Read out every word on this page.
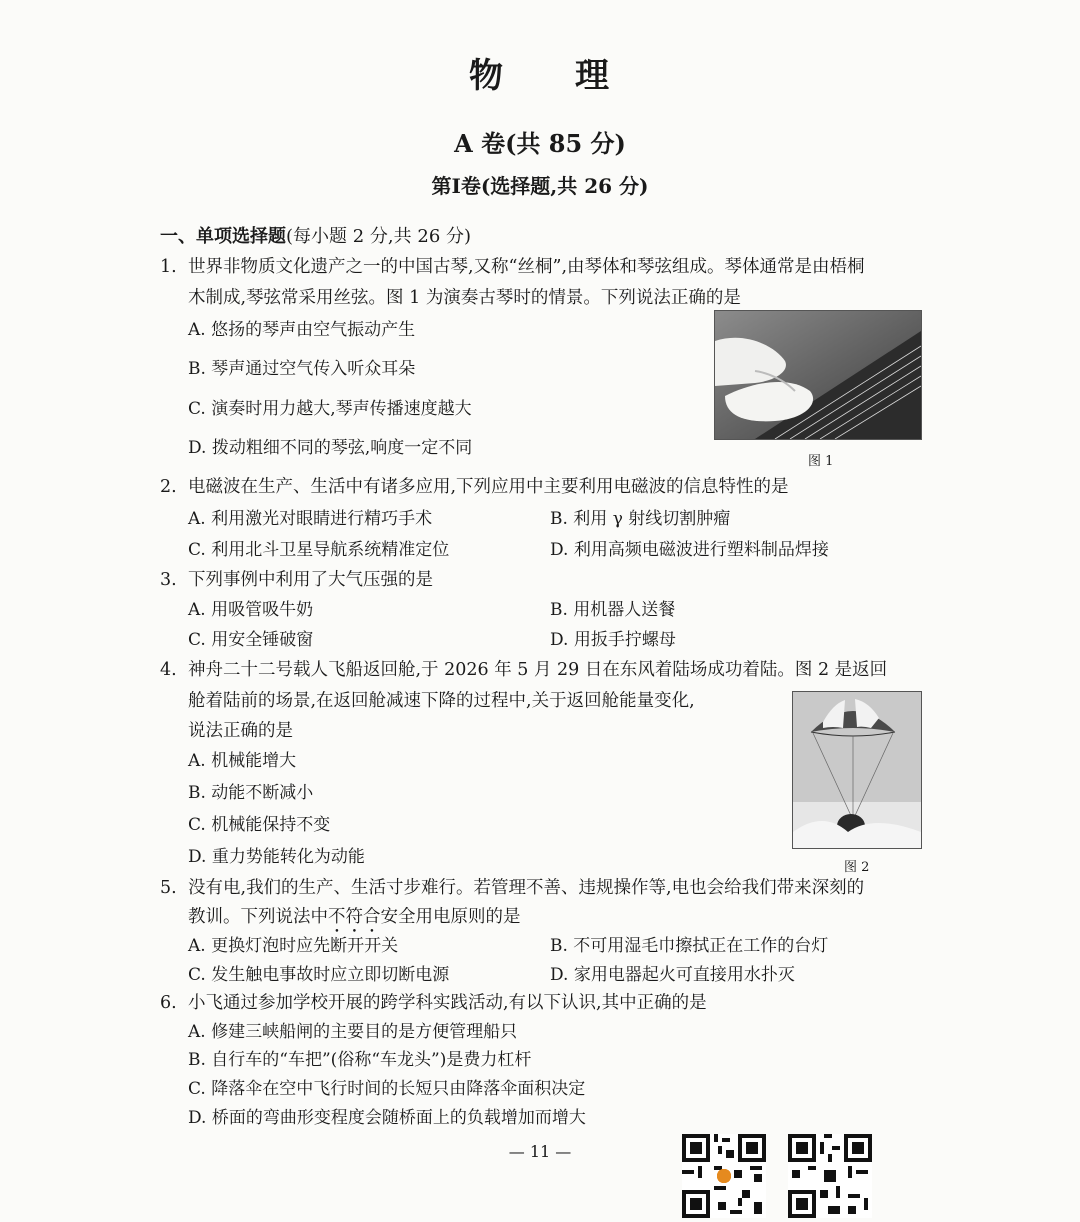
物 理
A 卷(共 85 分)
第Ⅰ卷(选择题,共 26 分)
一、单项选择题(每小题 2 分,共 26 分)
1. 世界非物质文化遗产之一的中国古琴,又称“丝桐”,由琴体和琴弦组成。琴体通常是由梧桐
木制成,琴弦常采用丝弦。图 1 为演奏古琴时的情景。下列说法正确的是
A. 悠扬的琴声由空气振动产生
B. 琴声通过空气传入听众耳朵
C. 演奏时用力越大,琴声传播速度越大
D. 拨动粗细不同的琴弦,响度一定不同
图 1
2. 电磁波在生产、生活中有诸多应用,下列应用中主要利用电磁波的信息特性的是
A. 利用激光对眼睛进行精巧手术	B. 利用 γ 射线切割肿瘤
C. 利用北斗卫星导航系统精准定位	D. 利用高频电磁波进行塑料制品焊接
3. 下列事例中利用了大气压强的是
A. 用吸管吸牛奶	B. 用机器人送餐
C. 用安全锤破窗	D. 用扳手拧螺母
4. 神舟二十二号载人飞船返回舱,于 2026 年 5 月 29 日在东风着陆场成功着陆。图 2 是返回
舱着陆前的场景,在返回舱减速下降的过程中,关于返回舱能量变化,
说法正确的是
A. 机械能增大
B. 动能不断减小
C. 机械能保持不变
D. 重力势能转化为动能
图 2
5. 没有电,我们的生产、生活寸步难行。若管理不善、违规操作等,电也会给我们带来深刻的
教训。下列说法中不符合安全用电原则的是
A. 更换灯泡时应先断开开关	B. 不可用湿毛巾擦拭正在工作的台灯
C. 发生触电事故时应立即切断电源	D. 家用电器起火可直接用水扑灭
6. 小飞通过参加学校开展的跨学科实践活动,有以下认识,其中正确的是
A. 修建三峡船闸的主要目的是方便管理船只
B. 自行车的“车把”(俗称“车龙头”)是费力杠杆
C. 降落伞在空中飞行时间的长短只由降落伞面积决定
D. 桥面的弯曲形变程度会随桥面上的负载增加而增大
— 11 —
